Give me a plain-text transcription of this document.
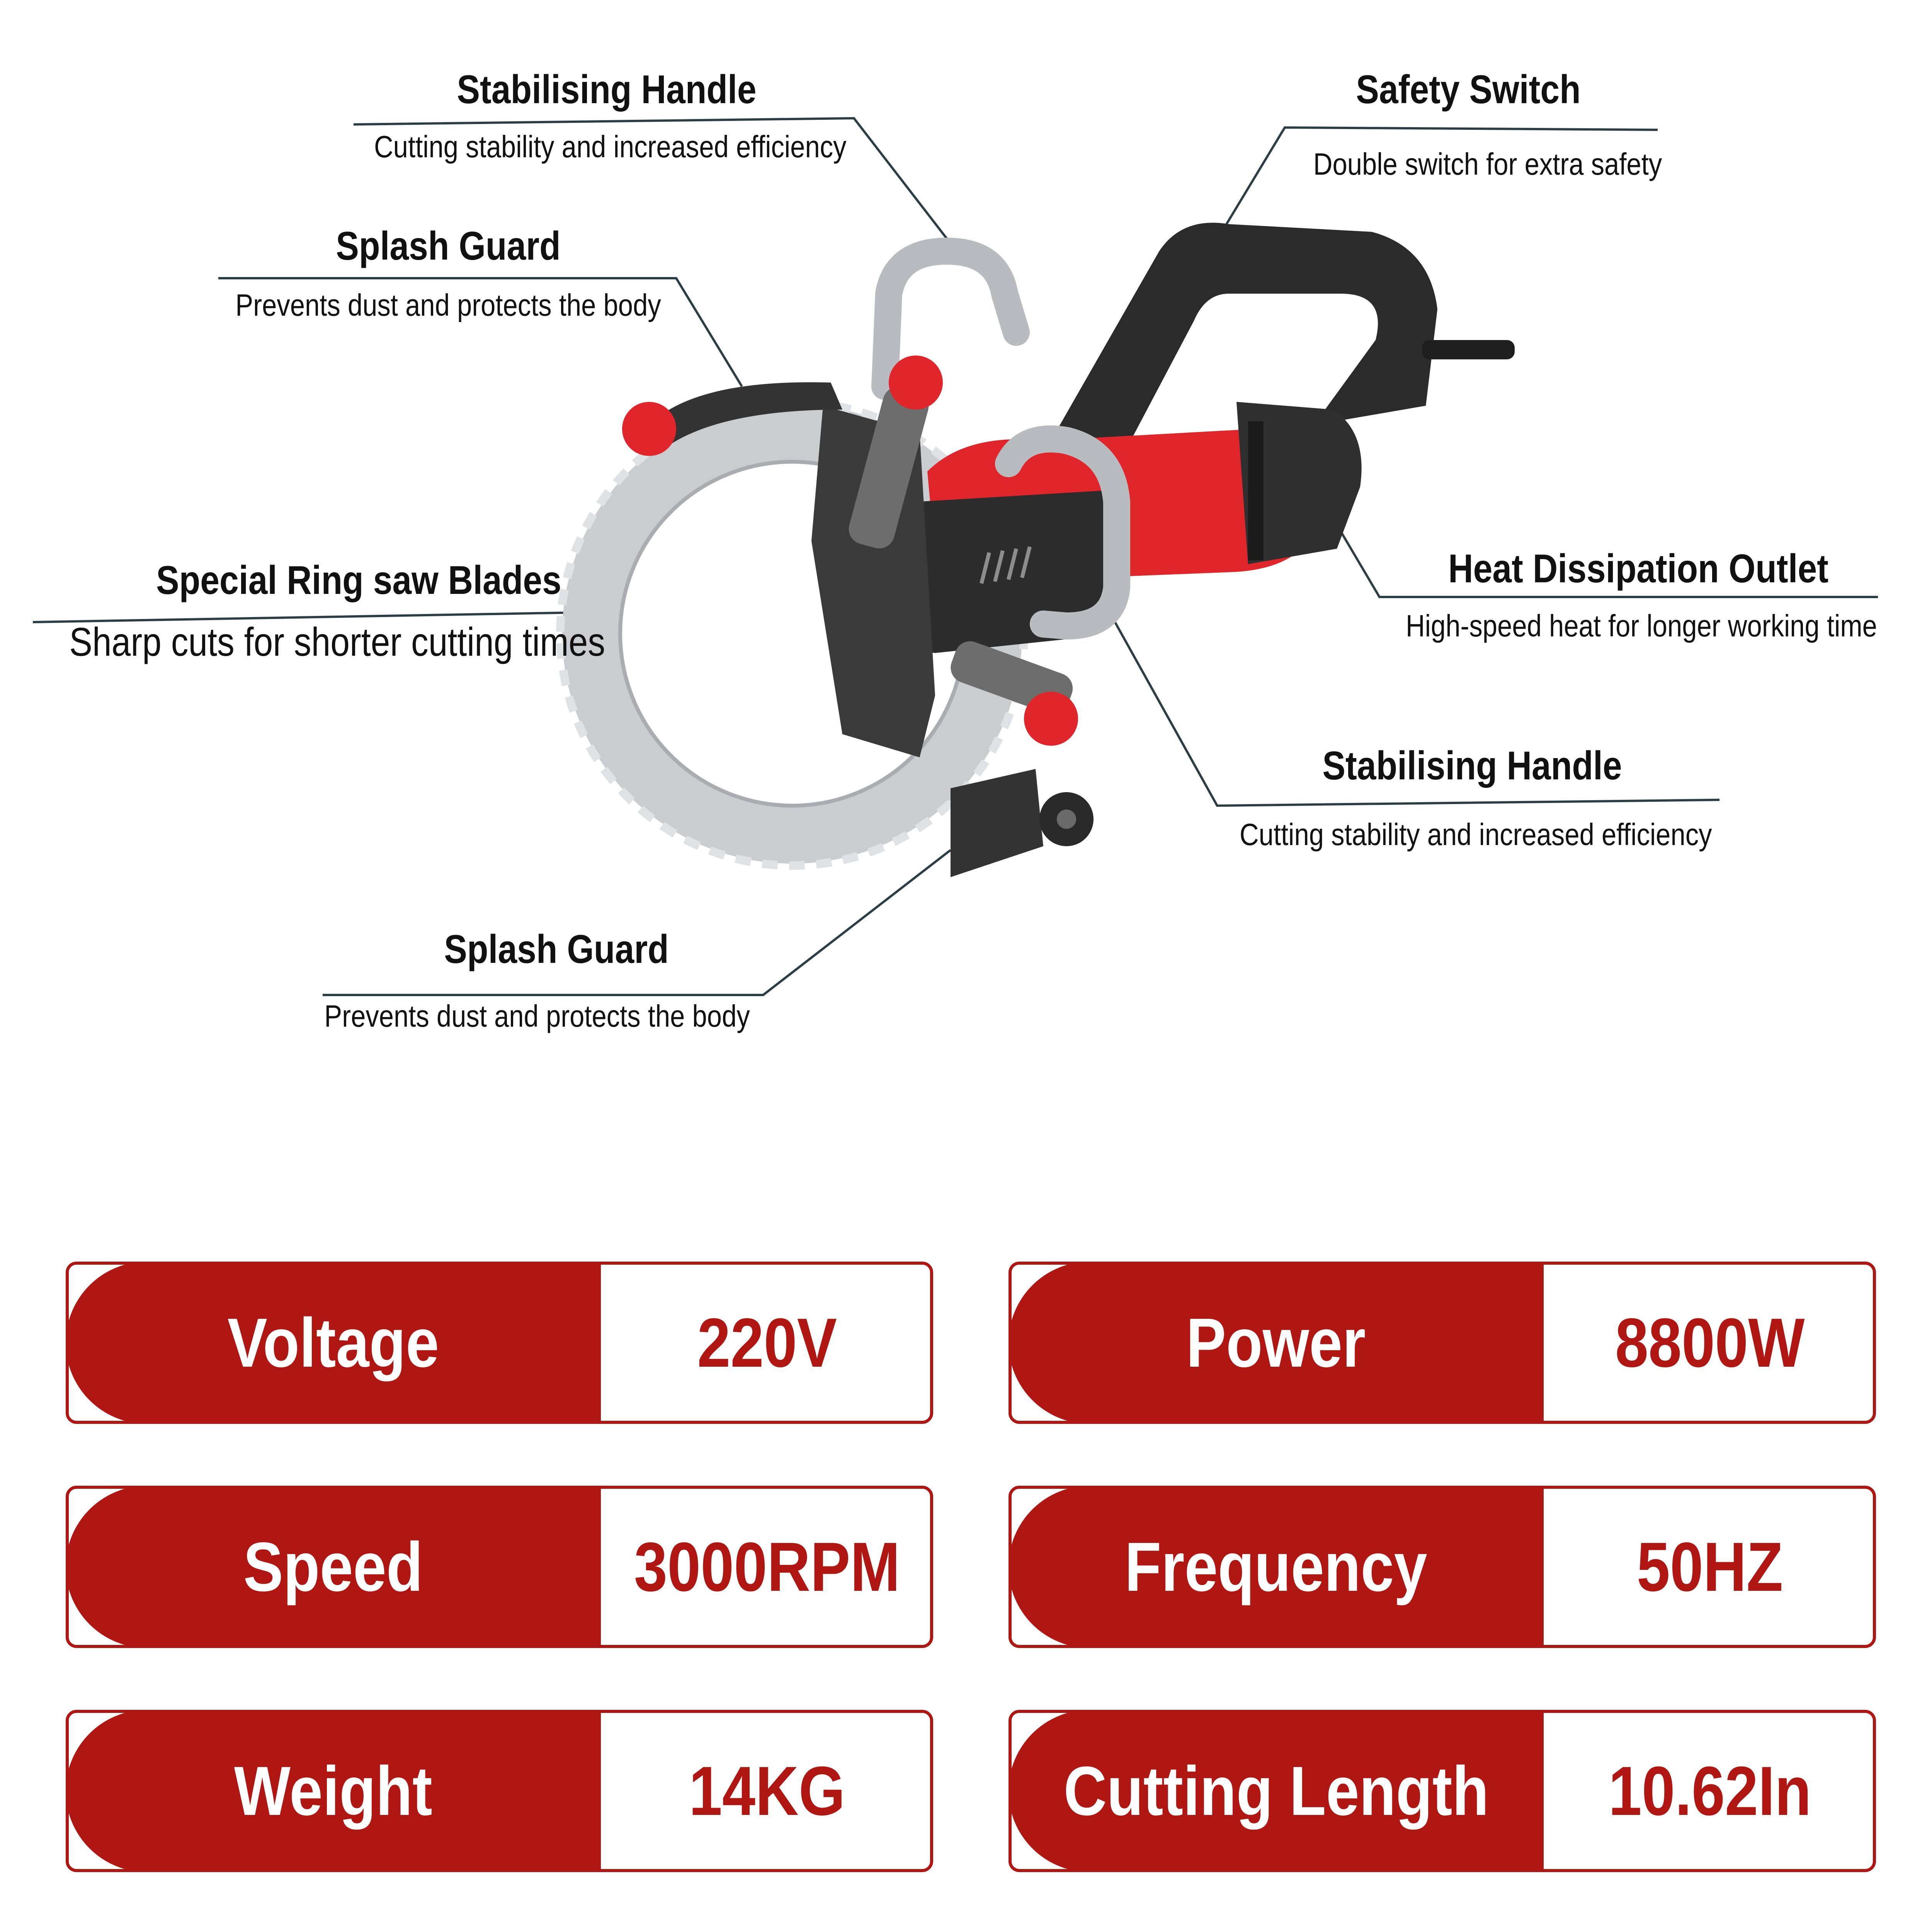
Stabilising Handle
Cutting stability and increased efficiency
Safety Switch
Double switch for extra safety
Splash Guard
Prevents dust and protects the body
Special Ring saw Blades
Sharp cuts for shorter cutting times
Heat Dissipation Outlet
High-speed heat for longer working time
Stabilising Handle
Cutting stability and increased efficiency
Splash Guard
Prevents dust and protects the body
Voltage	220V	Power	8800W
Speed	3000RPM	Frequency	50HZ
Weight	14KG	Cutting Length 10.62In
